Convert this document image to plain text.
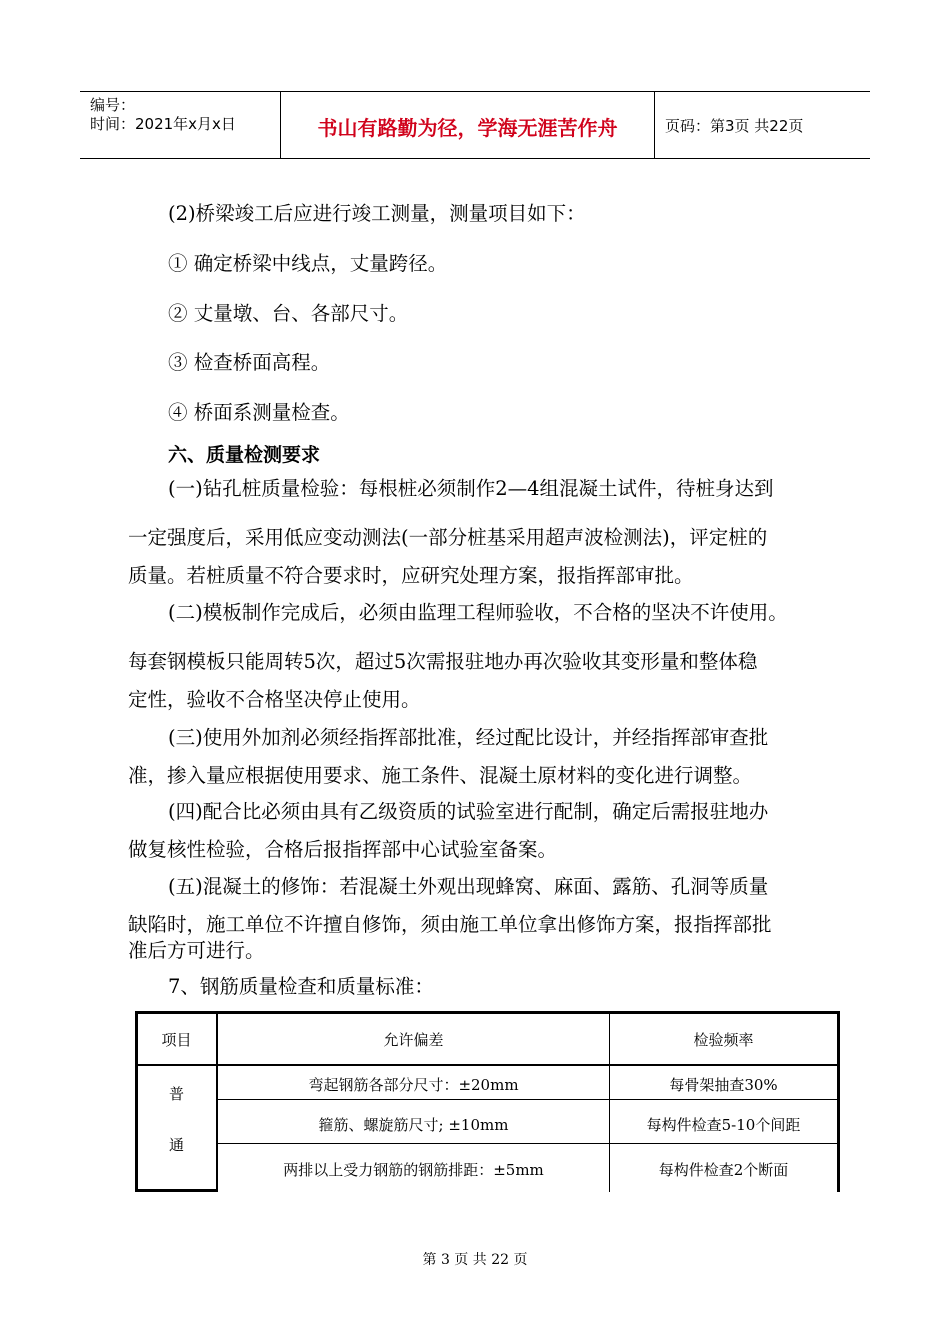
编号：
时间：2021年x月x日	书山有路勤为径，学海无涯苦作舟	页码：第3页 共22页
(2)桥梁竣工后应进行竣工测量，测量项目如下：
① 确定桥梁中线点，丈量跨径。
② 丈量墩、台、各部尺寸。
③ 检查桥面高程。
④ 桥面系测量检查。
六、质量检测要求
(一)钻孔桩质量检验：每根桩必须制作2—4组混凝土试件，待桩身达到
一定强度后，采用低应变动测法(一部分桩基采用超声波检测法)，评定桩的
质量。若桩质量不符合要求时，应研究处理方案，报指挥部审批。
(二)模板制作完成后，必须由监理工程师验收，不合格的坚决不许使用。
每套钢模板只能周转5次，超过5次需报驻地办再次验收其变形量和整体稳
定性，验收不合格坚决停止使用。
(三)使用外加剂必须经指挥部批准，经过配比设计，并经指挥部审查批
准，掺入量应根据使用要求、施工条件、混凝土原材料的变化进行调整。
(四)配合比必须由具有乙级资质的试验室进行配制，确定后需报驻地办
做复核性检验，合格后报指挥部中心试验室备案。
(五)混凝土的修饰：若混凝土外观出现蜂窝、麻面、露筋、孔洞等质量
缺陷时，施工单位不许擅自修饰，须由施工单位拿出修饰方案，报指挥部批
准后方可进行。
7、钢筋质量检查和质量标准：
项目	允许偏差	检验频率
普
通
弯起钢筋各部分尺寸：±20mm	每骨架抽查30%
箍筋、螺旋筋尺寸; ±10mm	每构件检查5-10个间距
两排以上受力钢筋的钢筋排距：±5mm	每构件检查2个断面
第 3 页 共 22 页
